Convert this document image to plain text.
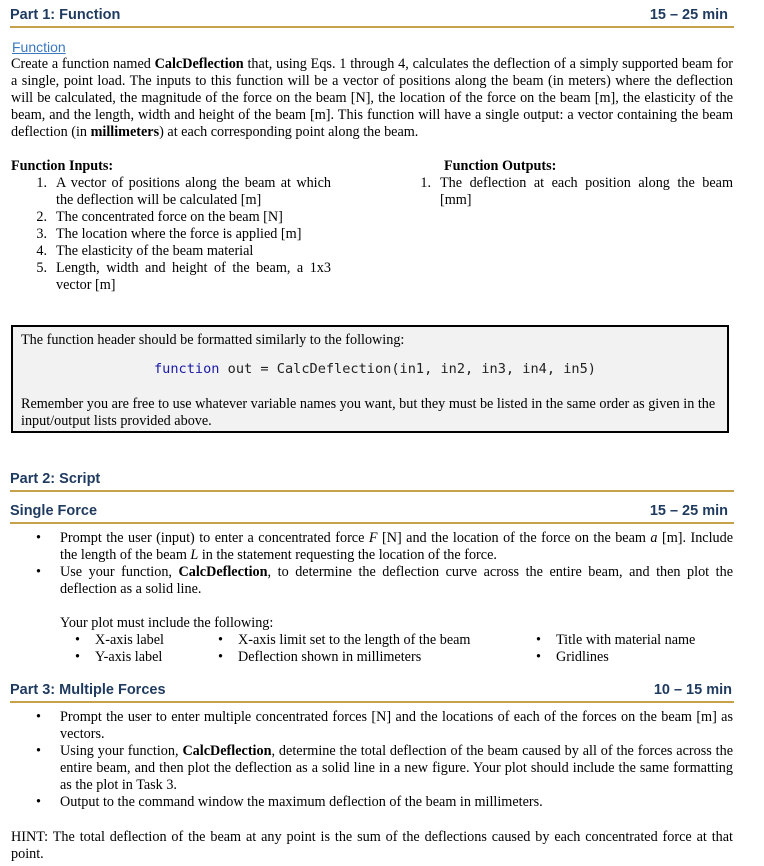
Part 1: Function	15 – 25 min
Function
Create a function named CalcDeflection that, using Eqs. 1 through 4, calculates the deflection of a simply supported beam for a single, point load. The inputs to this function will be a vector of positions along the beam (in meters) where the deflection will be calculated, the magnitude of the force on the beam [N], the location of the force on the beam [m], the elasticity of the beam, and the length, width and height of the beam [m]. This function will have a single output: a vector containing the beam deflection (in millimeters) at each corresponding point along the beam.
Function Inputs:
1. A vector of positions along the beam at which the deflection will be calculated [m]
2. The concentrated force on the beam [N]
3. The location where the force is applied [m]
4. The elasticity of the beam material
5. Length, width and height of the beam, a 1x3 vector [m]
Function Outputs:
1. The deflection at each position along the beam [mm]
The function header should be formatted similarly to the following:
function out = CalcDeflection(in1, in2, in3, in4, in5)
Remember you are free to use whatever variable names you want, but they must be listed in the same order as given in the input/output lists provided above.
Part 2: Script
Single Force	15 – 25 min
•	Prompt the user (input) to enter a concentrated force F [N] and the location of the force on the beam a [m]. Include the length of the beam L in the statement requesting the location of the force.
•	Use your function, CalcDeflection, to determine the deflection curve across the entire beam, and then plot the deflection as a solid line.
Your plot must include the following:
•	X-axis label
•	Y-axis label
•	X-axis limit set to the length of the beam
•	Deflection shown in millimeters
•	Title with material name
•	Gridlines
Part 3: Multiple Forces	10 – 15 min
•	Prompt the user to enter multiple concentrated forces [N] and the locations of each of the forces on the beam [m] as vectors.
•	Using your function, CalcDeflection, determine the total deflection of the beam caused by all of the forces across the entire beam, and then plot the deflection as a solid line in a new figure. Your plot should include the same formatting as the plot in Task 3.
•	Output to the command window the maximum deflection of the beam in millimeters.
HINT: The total deflection of the beam at any point is the sum of the deflections caused by each concentrated force at that point.
